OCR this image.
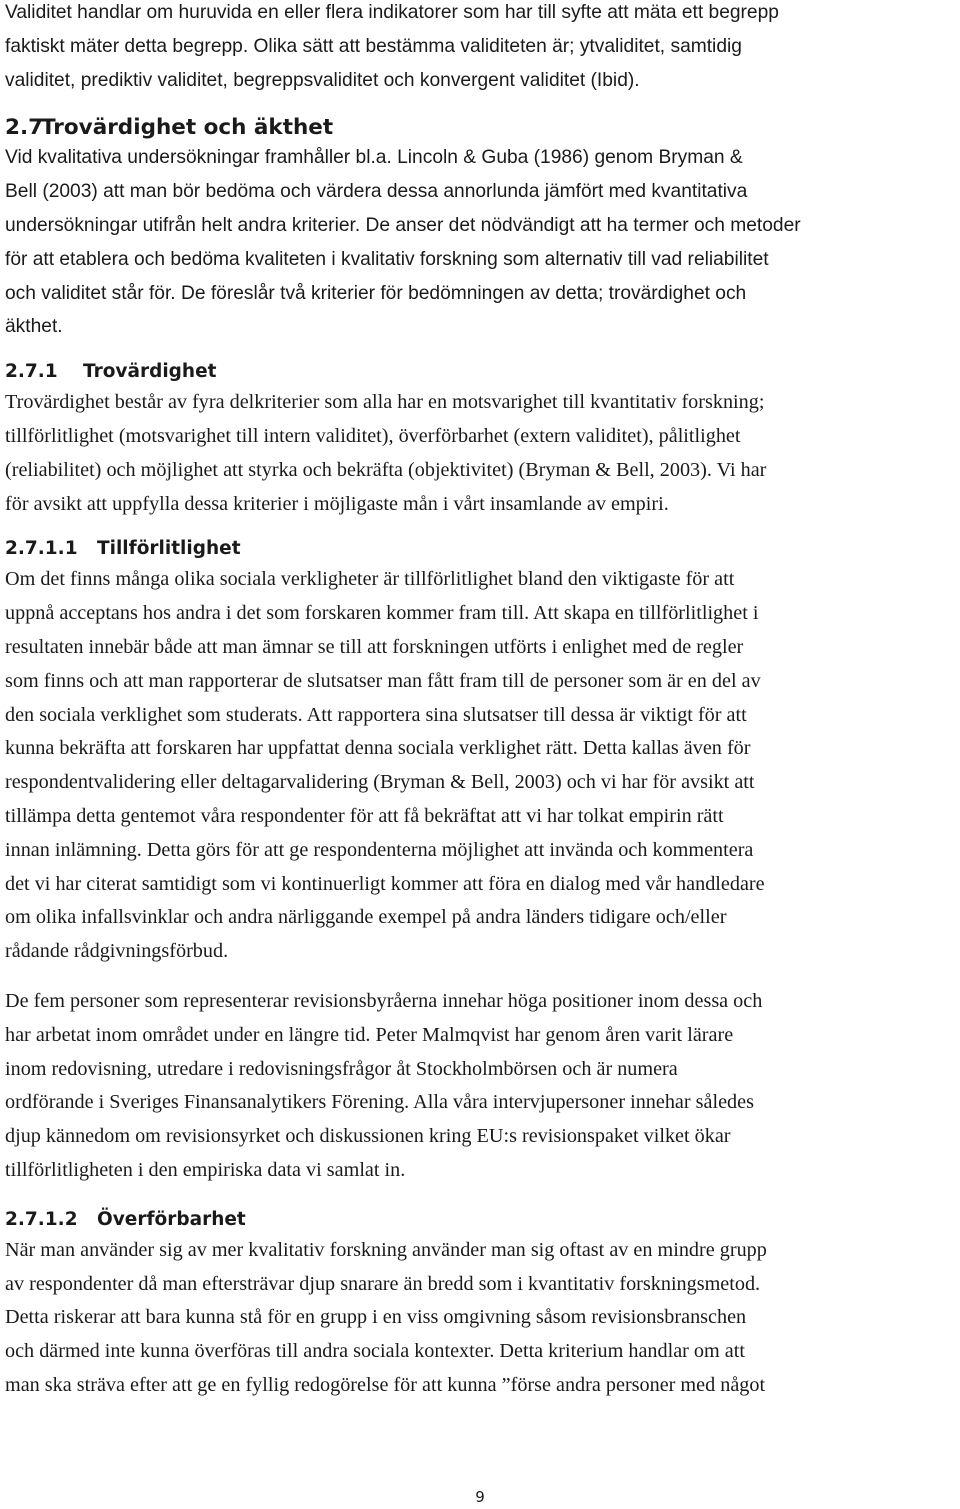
Validitet handlar om huruvida en eller flera indikatorer som har till syfte att mäta ett begrepp
faktiskt mäter detta begrepp. Olika sätt att bestämma validiteten är; ytvaliditet, samtidig
validitet, prediktiv validitet, begreppsvaliditet och konvergent validitet (Ibid).
2.7Trovärdighet och äkthet
Vid kvalitativa undersökningar framhåller bl.a. Lincoln & Guba (1986) genom Bryman &
Bell (2003) att man bör bedöma och värdera dessa annorlunda jämfört med kvantitativa
undersökningar utifrån helt andra kriterier. De anser det nödvändigt att ha termer och metoder
för att etablera och bedöma kvaliteten i kvalitativ forskning som alternativ till vad reliabilitet
och validitet står för. De föreslår två kriterier för bedömningen av detta; trovärdighet och
äkthet.
2.7.1 Trovärdighet
Trovärdighet består av fyra delkriterier som alla har en motsvarighet till kvantitativ forskning;
tillförlitlighet (motsvarighet till intern validitet), överförbarhet (extern validitet), pålitlighet
(reliabilitet) och möjlighet att styrka och bekräfta (objektivitet) (Bryman & Bell, 2003). Vi har
för avsikt att uppfylla dessa kriterier i möjligaste mån i vårt insamlande av empiri.
2.7.1.1 Tillförlitlighet
Om det finns många olika sociala verkligheter är tillförlitlighet bland den viktigaste för att
uppnå acceptans hos andra i det som forskaren kommer fram till. Att skapa en tillförlitlighet i
resultaten innebär både att man ämnar se till att forskningen utförts i enlighet med de regler
som finns och att man rapporterar de slutsatser man fått fram till de personer som är en del av
den sociala verklighet som studerats. Att rapportera sina slutsatser till dessa är viktigt för att
kunna bekräfta att forskaren har uppfattat denna sociala verklighet rätt. Detta kallas även för
respondentvalidering eller deltagarvalidering (Bryman & Bell, 2003) och vi har för avsikt att
tillämpa detta gentemot våra respondenter för att få bekräftat att vi har tolkat empirin rätt
innan inlämning. Detta görs för att ge respondenterna möjlighet att invända och kommentera
det vi har citerat samtidigt som vi kontinuerligt kommer att föra en dialog med vår handledare
om olika infallsvinklar och andra närliggande exempel på andra länders tidigare och/eller
rådande rådgivningsförbud.
De fem personer som representerar revisionsbyråerna innehar höga positioner inom dessa och
har arbetat inom området under en längre tid. Peter Malmqvist har genom åren varit lärare
inom redovisning, utredare i redovisningsfrågor åt Stockholmbörsen och är numera
ordförande i Sveriges Finansanalytikers Förening. Alla våra intervjupersoner innehar således
djup kännedom om revisionsyrket och diskussionen kring EU:s revisionspaket vilket ökar
tillförlitligheten i den empiriska data vi samlat in.
2.7.1.2 Överförbarhet
När man använder sig av mer kvalitativ forskning använder man sig oftast av en mindre grupp
av respondenter då man eftersträvar djup snarare än bredd som i kvantitativ forskningsmetod.
Detta riskerar att bara kunna stå för en grupp i en viss omgivning såsom revisionsbranschen
och därmed inte kunna överföras till andra sociala kontexter. Detta kriterium handlar om att
man ska sträva efter att ge en fyllig redogörelse för att kunna ”förse andra personer med något
9
